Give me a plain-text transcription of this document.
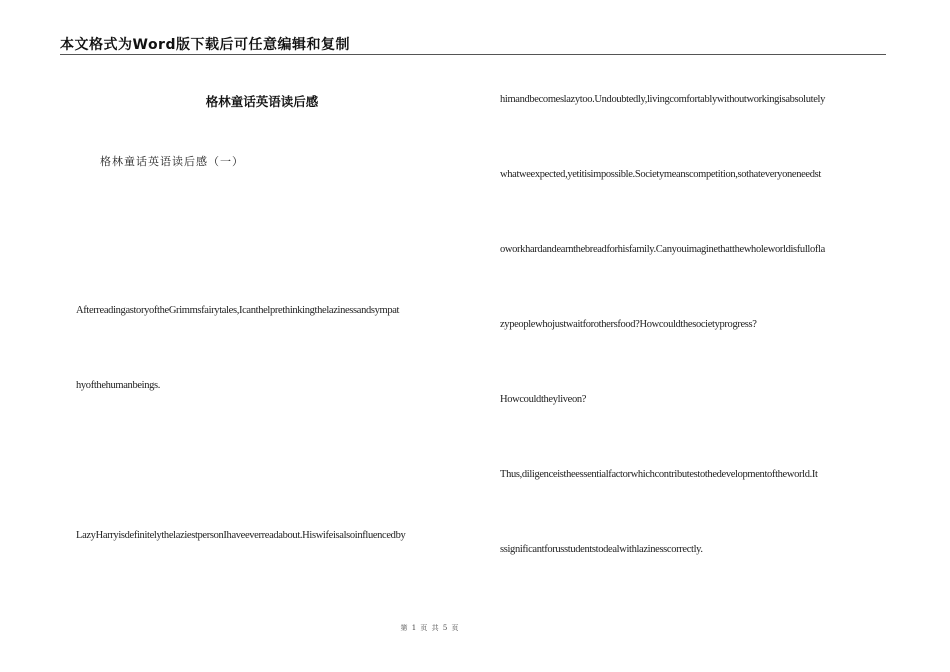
本文格式为Word版下载后可任意编辑和复制
格林童话英语读后感
格林童话英语读后感（一）
AfterreadingastoryoftheGrimmsfairytales,Icanthelprethinkingthelazinessandsympat
hyofthehumanbeings.
LazyHarryisdefinitelythelaziestpersonIhaveeverreadabout.Hiswifeisalsoinfluencedby
himandbecomeslazytoo.Undoubtedly,livingcomfortablywithoutworkingisabsolutely
whatweexpected,yetitisimpossible.Societymeanscompetition,sothateveryoneneedst
oworkhardandearnthebreadforhisfamily.Canyouimaginethatthewholeworldisfullofla
zypeoplewhojustwaitforothersfood?Howcouldthesocietyprogress?
Howcouldtheyliveon?
Thus,diligenceistheessentialfactorwhichcontributestothedevelopmentoftheworld.It
ssignificantforusstudentstodealwithlazinesscorrectly.
第 1 页 共 5 页
